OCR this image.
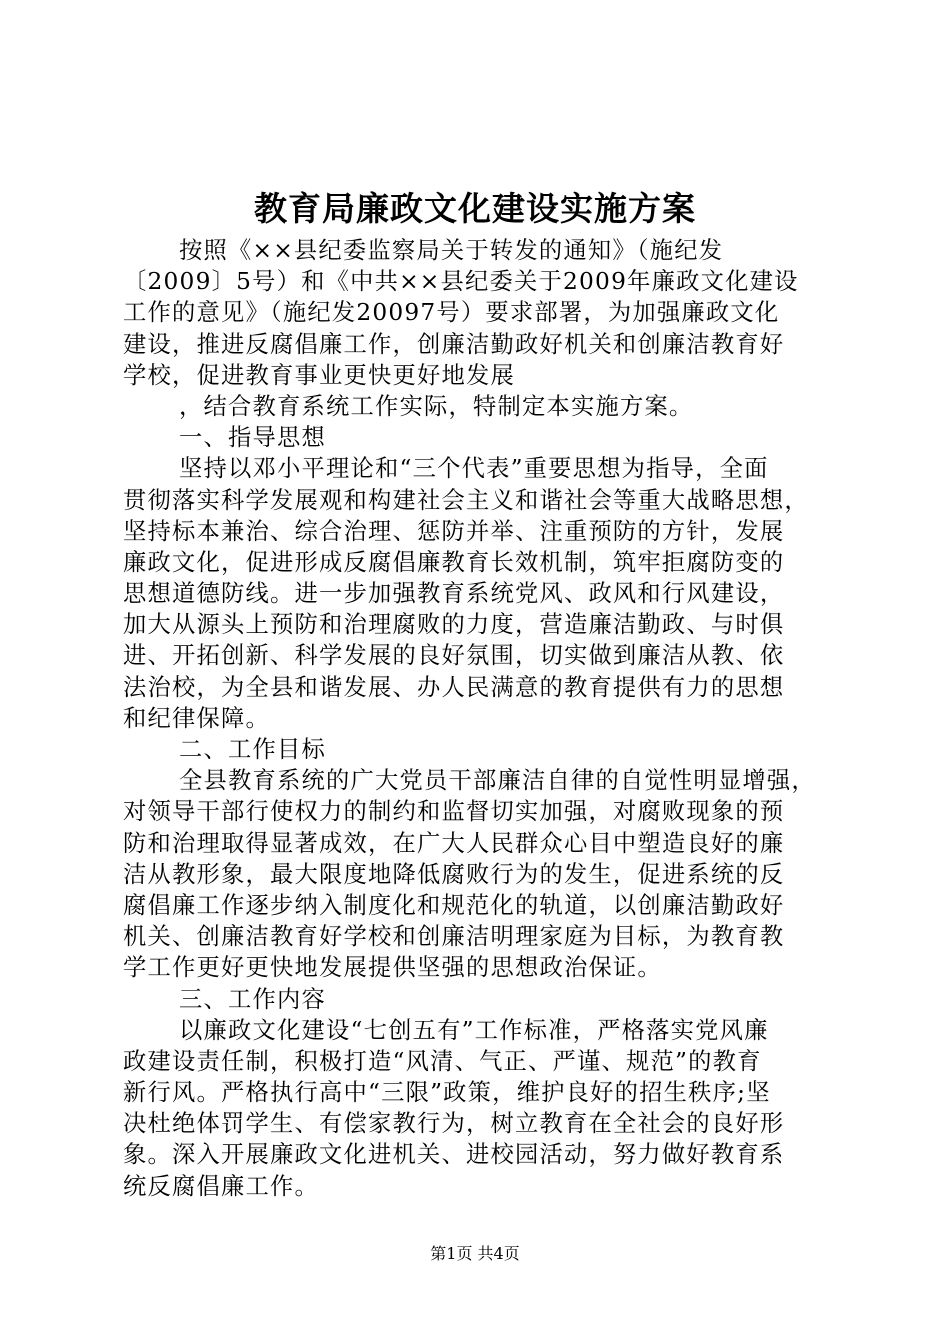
教育局廉政文化建设实施方案
按照《××县纪委监察局关于转发的通知》（施纪发
〔2009〕5号）和《中共××县纪委关于2009年廉政文化建设
工作的意见》（施纪发20097号）要求部署，为加强廉政文化
建设，推进反腐倡廉工作，创廉洁勤政好机关和创廉洁教育好
学校，促进教育事业更快更好地发展
，结合教育系统工作实际，特制定本实施方案。
一、指导思想
坚持以邓小平理论和“三个代表”重要思想为指导，全面
贯彻落实科学发展观和构建社会主义和谐社会等重大战略思想，
坚持标本兼治、综合治理、惩防并举、注重预防的方针，发展
廉政文化，促进形成反腐倡廉教育长效机制，筑牢拒腐防变的
思想道德防线。进一步加强教育系统党风、政风和行风建设，
加大从源头上预防和治理腐败的力度，营造廉洁勤政、与时俱
进、开拓创新、科学发展的良好氛围，切实做到廉洁从教、依
法治校，为全县和谐发展、办人民满意的教育提供有力的思想
和纪律保障。
二、工作目标
全县教育系统的广大党员干部廉洁自律的自觉性明显增强，
对领导干部行使权力的制约和监督切实加强，对腐败现象的预
防和治理取得显著成效，在广大人民群众心目中塑造良好的廉
洁从教形象，最大限度地降低腐败行为的发生，促进系统的反
腐倡廉工作逐步纳入制度化和规范化的轨道，以创廉洁勤政好
机关、创廉洁教育好学校和创廉洁明理家庭为目标，为教育教
学工作更好更快地发展提供坚强的思想政治保证。
三、工作内容
以廉政文化建设“七创五有”工作标准，严格落实党风廉
政建设责任制，积极打造“风清、气正、严谨、规范”的教育
新行风。严格执行高中“三限”政策，维护良好的招生秩序;坚
决杜绝体罚学生、有偿家教行为，树立教育在全社会的良好形
象。深入开展廉政文化进机关、进校园活动，努力做好教育系
统反腐倡廉工作。
第1页 共4页
